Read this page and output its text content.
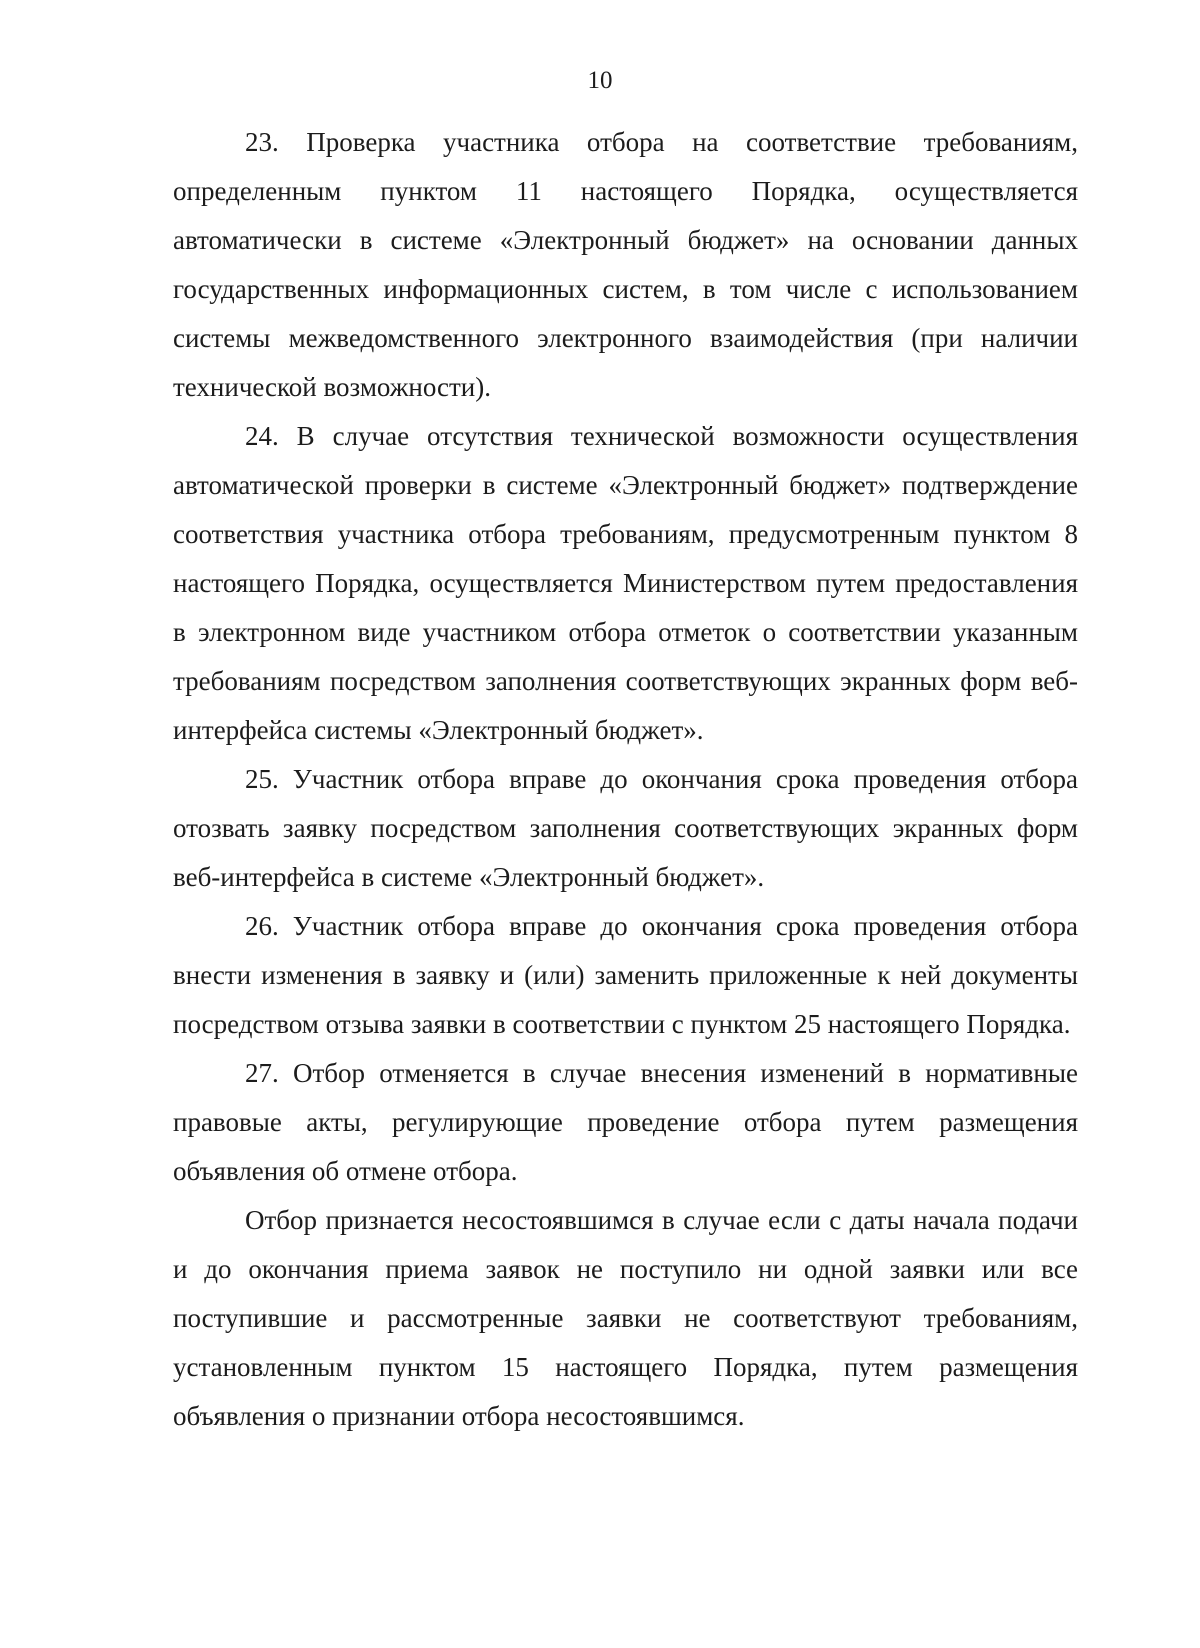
10

23. Проверка участника отбора на соответствие требованиям, определенным пунктом 11 настоящего Порядка, осуществляется автоматически в системе «Электронный бюджет» на основании данных государственных информационных систем, в том числе с использованием системы межведомственного электронного взаимодействия (при наличии технической возможности).

24. В случае отсутствия технической возможности осуществления автоматической проверки в системе «Электронный бюджет» подтверждение соответствия участника отбора требованиям, предусмотренным пунктом 8 настоящего Порядка, осуществляется Министерством путем предоставления в электронном виде участником отбора отметок о соответствии указанным требованиям посредством заполнения соответствующих экранных форм веб-интерфейса системы «Электронный бюджет».

25. Участник отбора вправе до окончания срока проведения отбора отозвать заявку посредством заполнения соответствующих экранных форм веб-интерфейса в системе «Электронный бюджет».

26. Участник отбора вправе до окончания срока проведения отбора внести изменения в заявку и (или) заменить приложенные к ней документы посредством отзыва заявки в соответствии с пунктом 25 настоящего Порядка.

27. Отбор отменяется в случае внесения изменений в нормативные правовые акты, регулирующие проведение отбора путем размещения объявления об отмене отбора.

Отбор признается несостоявшимся в случае если с даты начала подачи и до окончания приема заявок не поступило ни одной заявки или все поступившие и рассмотренные заявки не соответствуют требованиям, установленным пунктом 15 настоящего Порядка, путем размещения объявления о признании отбора несостоявшимся.
